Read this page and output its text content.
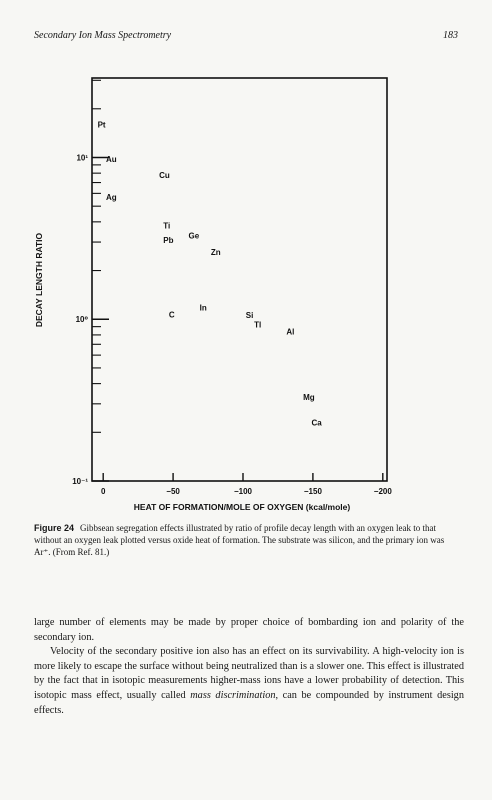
Secondary Ion Mass Spectrometry	183
10⁻¹
10⁰
10¹
0	−50	−100	−150	−200
Pt
Au
Cu
Ag
Ti
Ge
Pb
Zn
In
C	Si
Tl
Al
Mg
Ca
DECAY LENGTH RATIO
HEAT OF FORMATION/MOLE OF OXYGEN (kcal/mole)
Figure 24 Gibbsean segregation effects illustrated by ratio of profile decay length with an oxygen leak to that without an oxygen leak plotted versus oxide heat of formation. The substrate was silicon, and the primary ion was Ar⁺. (From Ref. 81.)

large number of elements may be made by proper choice of bombarding ion and polarity of the secondary ion.

Velocity of the secondary positive ion also has an effect on its survivability. A high-velocity ion is more likely to escape the surface without being neutralized than is a slower one. This effect is illustrated by the fact that in isotopic measurements higher-mass ions have a lower probability of detection. This isotopic mass effect, usually called mass discrimination, can be compounded by instrument design effects.
